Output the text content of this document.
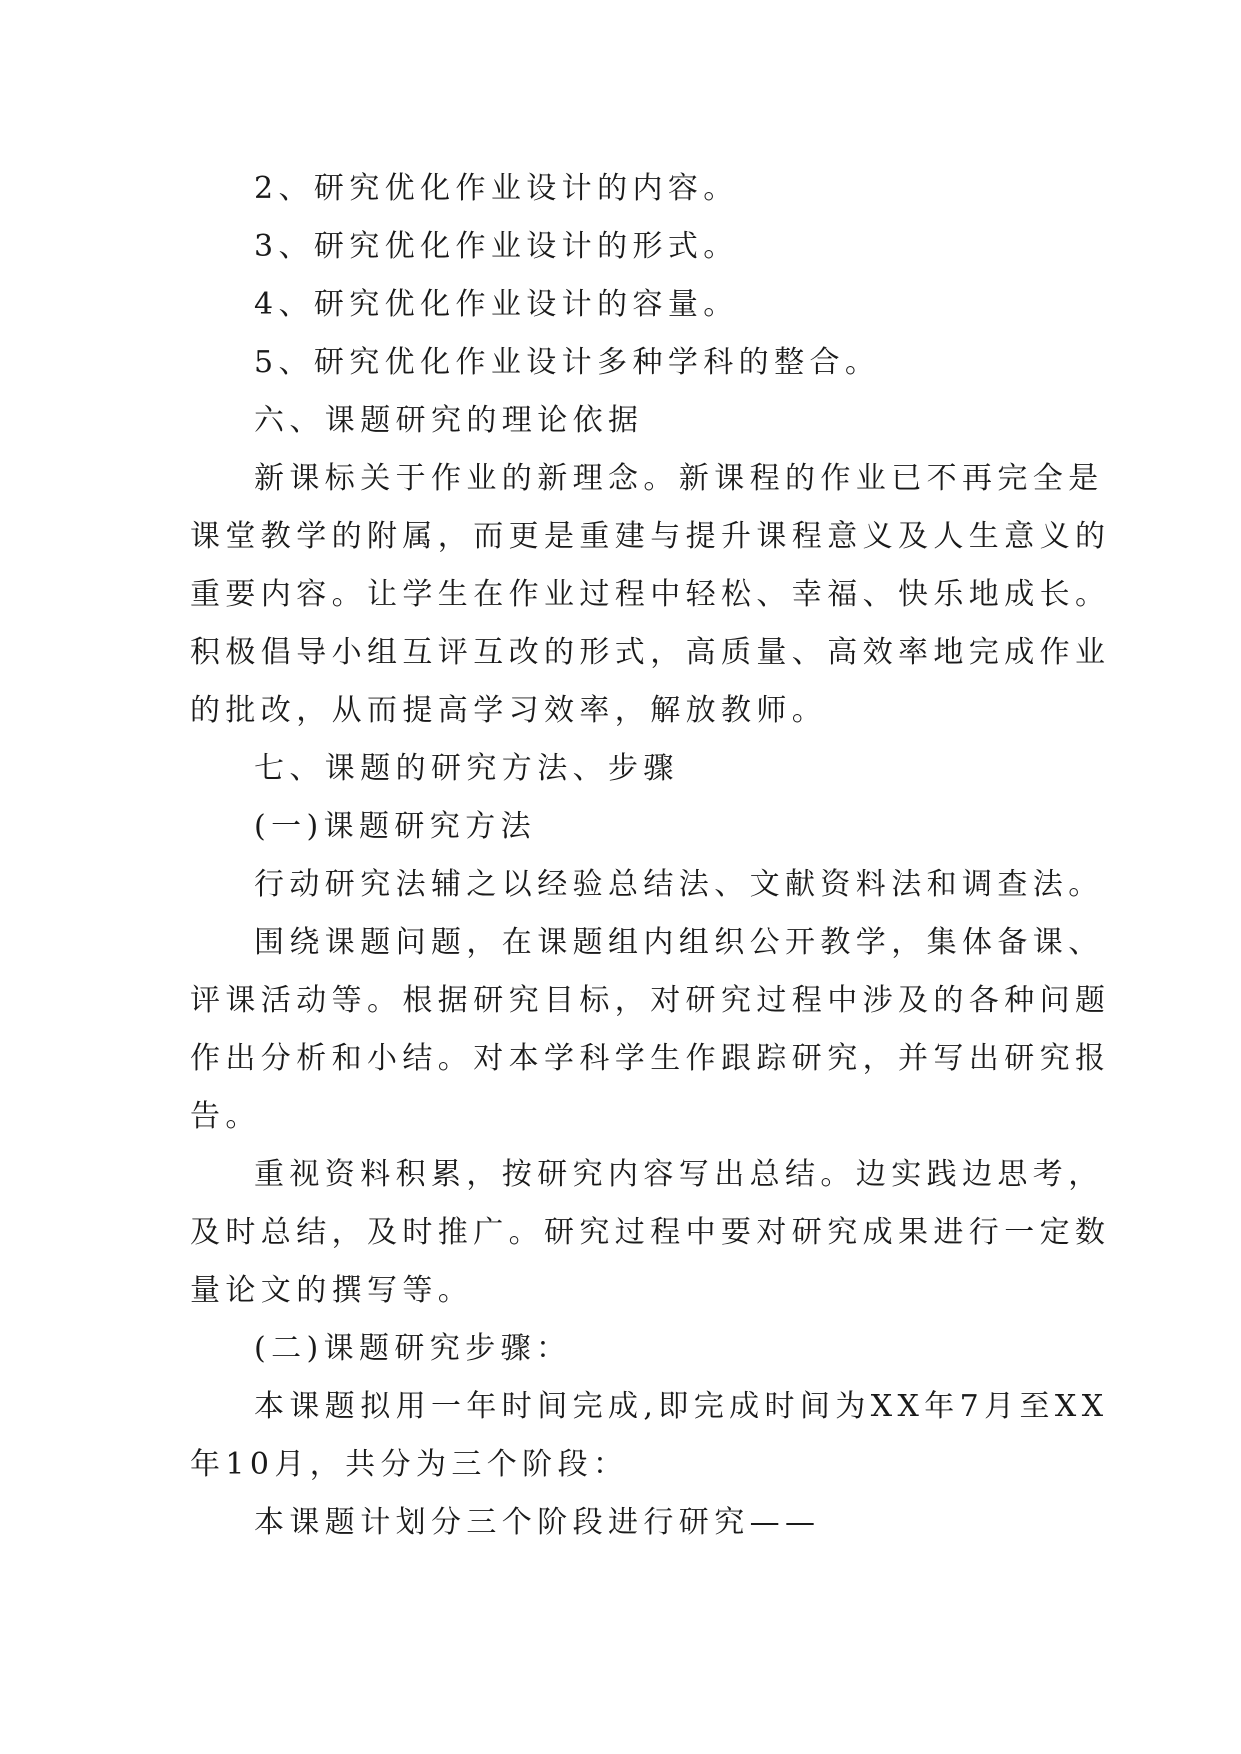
2、研究优化作业设计的内容。

3、研究优化作业设计的形式。

4、研究优化作业设计的容量。

5、研究优化作业设计多种学科的整合。

六、课题研究的理论依据

新课标关于作业的新理念。新课程的作业已不再完全是
课堂教学的附属，而更是重建与提升课程意义及人生意义的
重要内容。让学生在作业过程中轻松、幸福、快乐地成长。
积极倡导小组互评互改的形式，高质量、高效率地完成作业
的批改，从而提高学习效率，解放教师。

七、课题的研究方法、步骤

(一)课题研究方法

行动研究法辅之以经验总结法、文献资料法和调查法。

围绕课题问题，在课题组内组织公开教学，集体备课、
评课活动等。根据研究目标，对研究过程中涉及的各种问题
作出分析和小结。对本学科学生作跟踪研究，并写出研究报
告。

重视资料积累，按研究内容写出总结。边实践边思考，
及时总结，及时推广。研究过程中要对研究成果进行一定数
量论文的撰写等。

(二)课题研究步骤：

本课题拟用一年时间完成,即完成时间为XX年7月至XX
年10月，共分为三个阶段：

本课题计划分三个阶段进行研究——
